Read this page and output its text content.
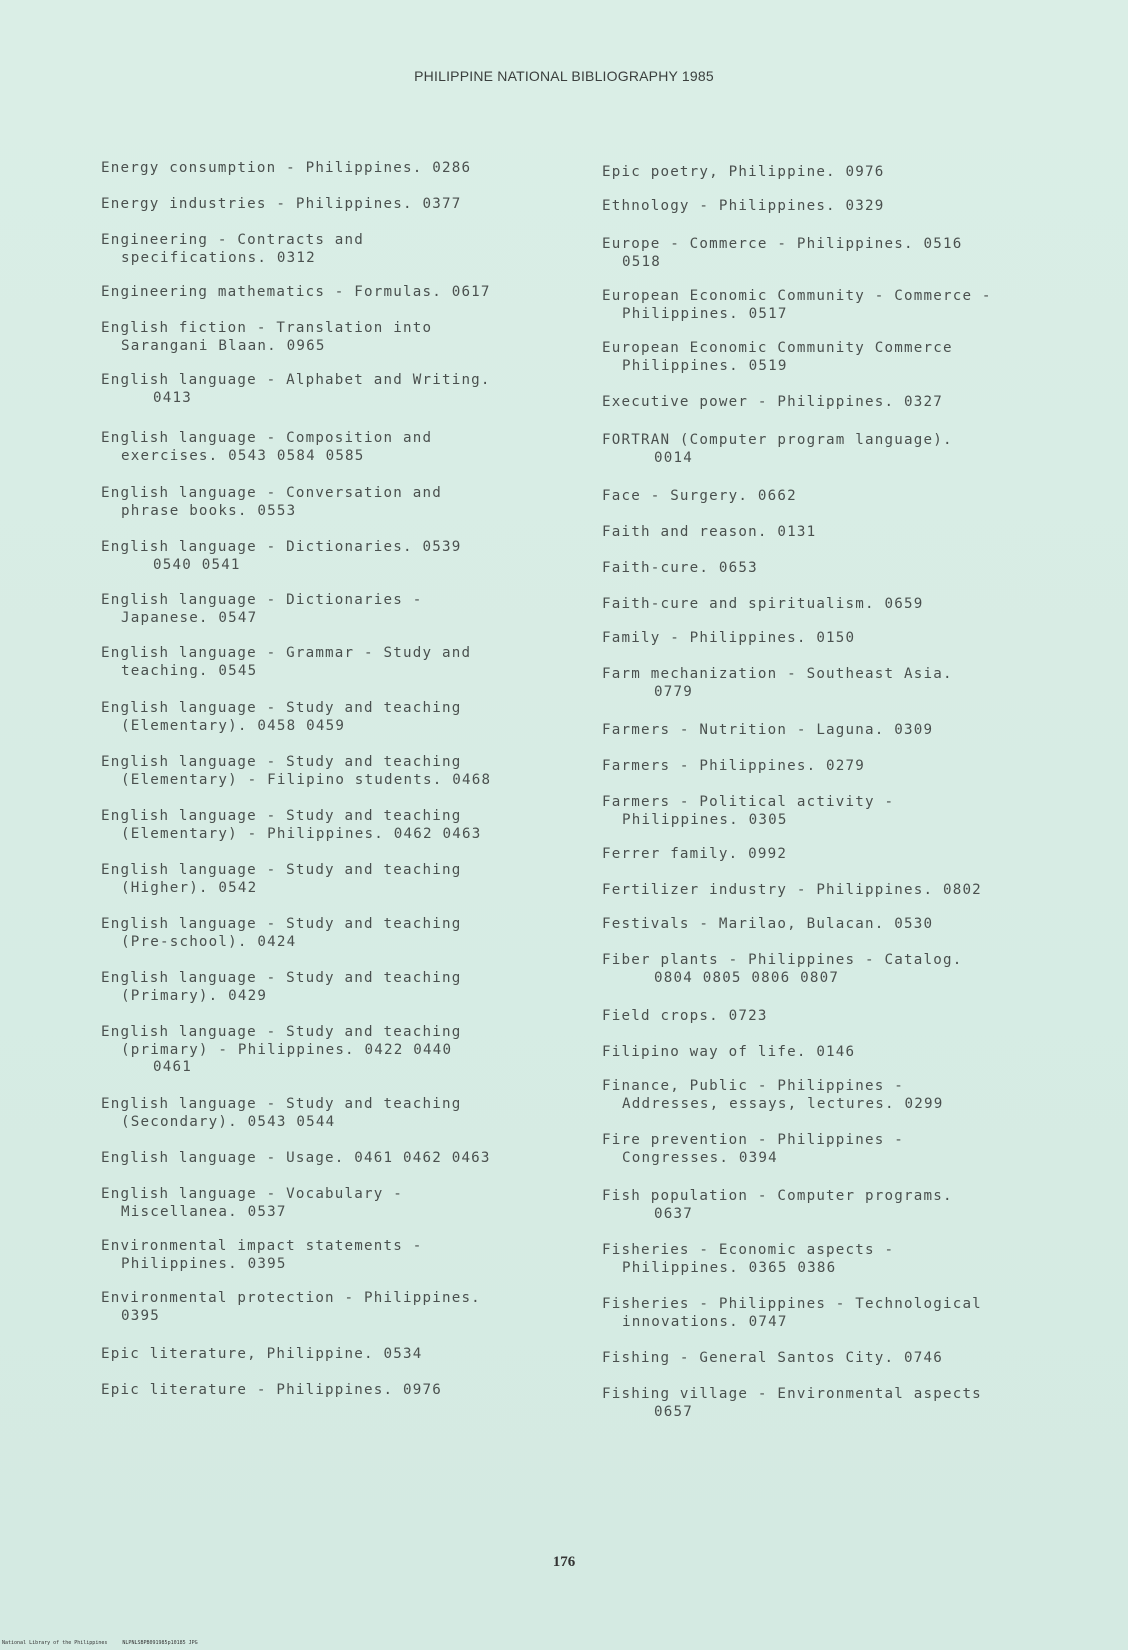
PHILIPPINE NATIONAL BIBLIOGRAPHY 1985
Energy consumption - Philippines. 0286
Energy industries - Philippines. 0377
Engineering - Contracts and
specifications. 0312
Engineering mathematics - Formulas. 0617
English fiction - Translation into
Sarangani Blaan. 0965
English language - Alphabet and Writing.
0413
English language - Composition and
exercises. 0543 0584 0585
English language - Conversation and
phrase books. 0553
English language - Dictionaries. 0539
0540 0541
English language - Dictionaries -
Japanese. 0547
English language - Grammar - Study and
teaching. 0545
English language - Study and teaching
(Elementary). 0458 0459
English language - Study and teaching
(Elementary) - Filipino students. 0468
English language - Study and teaching
(Elementary) - Philippines. 0462 0463
English language - Study and teaching
(Higher). 0542
English language - Study and teaching
(Pre-school). 0424
English language - Study and teaching
(Primary). 0429
English language - Study and teaching
(primary) - Philippines. 0422 0440
0461
English language - Study and teaching
(Secondary). 0543 0544
English language - Usage. 0461 0462 0463
English language - Vocabulary -
Miscellanea. 0537
Environmental impact statements -
Philippines. 0395
Environmental protection - Philippines.
0395
Epic literature, Philippine. 0534
Epic literature - Philippines. 0976
Epic poetry, Philippine. 0976
Ethnology - Philippines. 0329
Europe - Commerce - Philippines. 0516
0518
European Economic Community - Commerce -
Philippines. 0517
European Economic Community Commerce
Philippines. 0519
Executive power - Philippines. 0327
FORTRAN (Computer program language).
0014
Face - Surgery. 0662
Faith and reason. 0131
Faith-cure. 0653
Faith-cure and spiritualism. 0659
Family - Philippines. 0150
Farm mechanization - Southeast Asia.
0779
Farmers - Nutrition - Laguna. 0309
Farmers - Philippines. 0279
Farmers - Political activity -
Philippines. 0305
Ferrer family. 0992
Fertilizer industry - Philippines. 0802
Festivals - Marilao, Bulacan. 0530
Fiber plants - Philippines - Catalog.
0804 0805 0806 0807
Field crops. 0723
Filipino way of life. 0146
Finance, Public - Philippines -
Addresses, essays, lectures. 0299
Fire prevention - Philippines -
Congresses. 0394
Fish population - Computer programs.
0637
Fisheries - Economic aspects -
Philippines. 0365 0386
Fisheries - Philippines - Technological
innovations. 0747
Fishing - General Santos City. 0746
Fishing village - Environmental aspects
0657
176
National Library of the Philippines     NLPNLSBPB091985p10185 JPG
